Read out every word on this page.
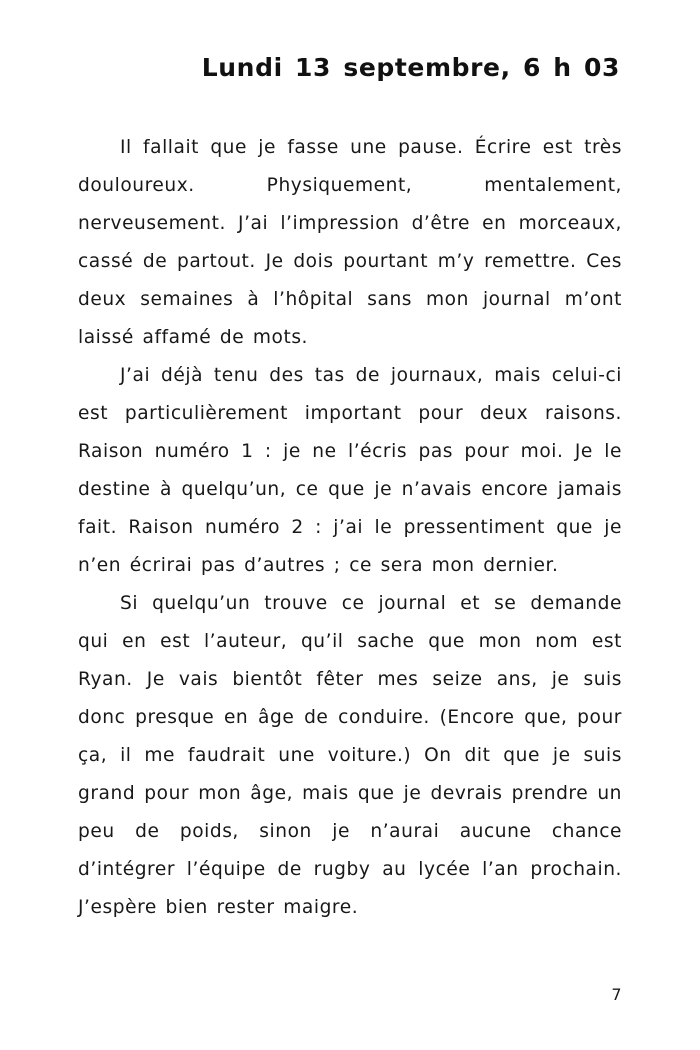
Lundi 13 septembre, 6 h 03

Il fallait que je fasse une pause. Écrire est très douloureux. Physiquement, mentalement, nerveusement. J’ai l’impression d’être en morceaux, cassé de partout. Je dois pourtant m’y remettre. Ces deux semaines à l’hôpital sans mon journal m’ont laissé affamé de mots.

J’ai déjà tenu des tas de journaux, mais celui-ci est particulièrement important pour deux raisons. Raison numéro 1 : je ne l’écris pas pour moi. Je le destine à quelqu’un, ce que je n’avais encore jamais fait. Raison numéro 2 : j’ai le pressentiment que je n’en écrirai pas d’autres ; ce sera mon dernier.

Si quelqu’un trouve ce journal et se demande qui en est l’auteur, qu’il sache que mon nom est Ryan. Je vais bientôt fêter mes seize ans, je suis donc presque en âge de conduire. (Encore que, pour ça, il me faudrait une voiture.) On dit que je suis grand pour mon âge, mais que je devrais prendre un peu de poids, sinon je n’aurai aucune chance d’intégrer l’équipe de rugby au lycée l’an prochain. J’espère bien rester maigre.

7
